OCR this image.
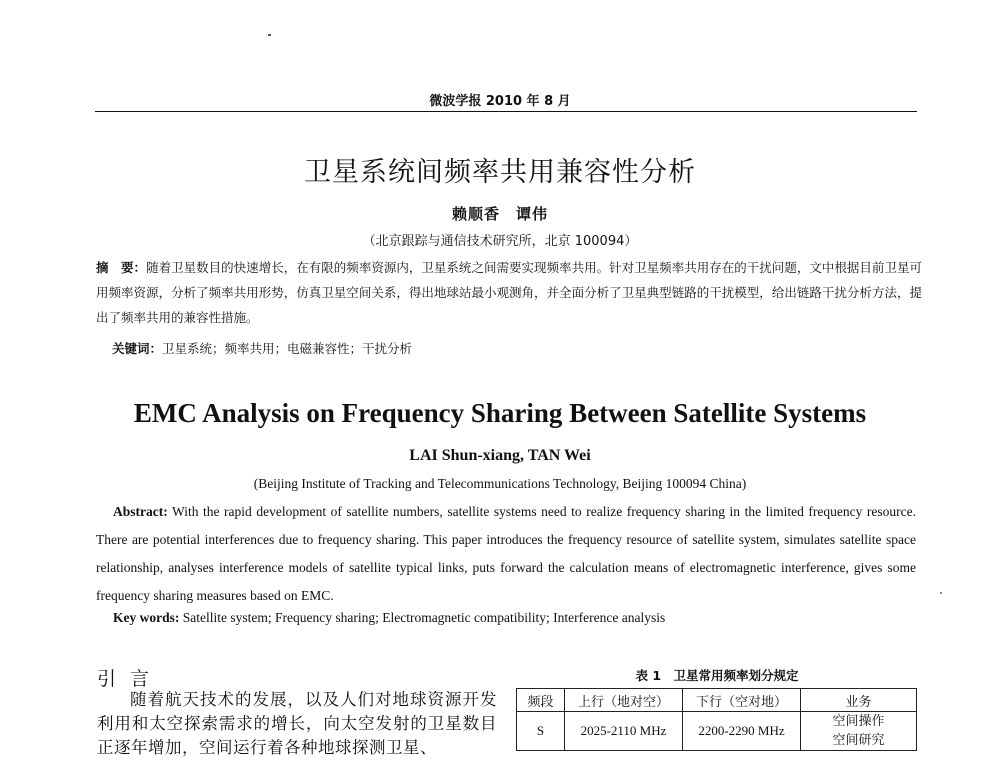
微波学报 2010 年 8 月
卫星系统间频率共用兼容性分析
赖顺香　谭伟
（北京跟踪与通信技术研究所，北京 100094）
摘　要：随着卫星数目的快速增长，在有限的频率资源内，卫星系统之间需要实现频率共用。针对卫星频率共用存在的干扰问题，文中根据目前卫星可用频率资源，分析了频率共用形势，仿真卫星空间关系，得出地球站最小观测角，并全面分析了卫星典型链路的干扰模型，给出链路干扰分析方法，提出了频率共用的兼容性措施。
关键词：卫星系统；频率共用；电磁兼容性；干扰分析
EMC Analysis on Frequency Sharing Between Satellite Systems
LAI Shun-xiang, TAN Wei
(Beijing Institute of Tracking and Telecommunications Technology, Beijing 100094 China)
Abstract: With the rapid development of satellite numbers, satellite systems need to realize frequency sharing in the limited frequency resource. There are potential interferences due to frequency sharing. This paper introduces the frequency resource of satellite system, simulates satellite space relationship, analyses interference models of satellite typical links, puts forward the calculation means of electromagnetic interference, gives some frequency sharing measures based on EMC.
Key words: Satellite system; Frequency sharing; Electromagnetic compatibility; Interference analysis
引 言
随着航天技术的发展，以及人们对地球资源开发利用和太空探索需求的增长，向太空发射的卫星数目正逐年增加，空间运行着各种地球探测卫星、
表 1　卫星常用频率划分规定
频段	上行（地对空）	下行（空对地）	业务
S	2025-2110 MHz	2200-2290 MHz	空间操作
空间研究
